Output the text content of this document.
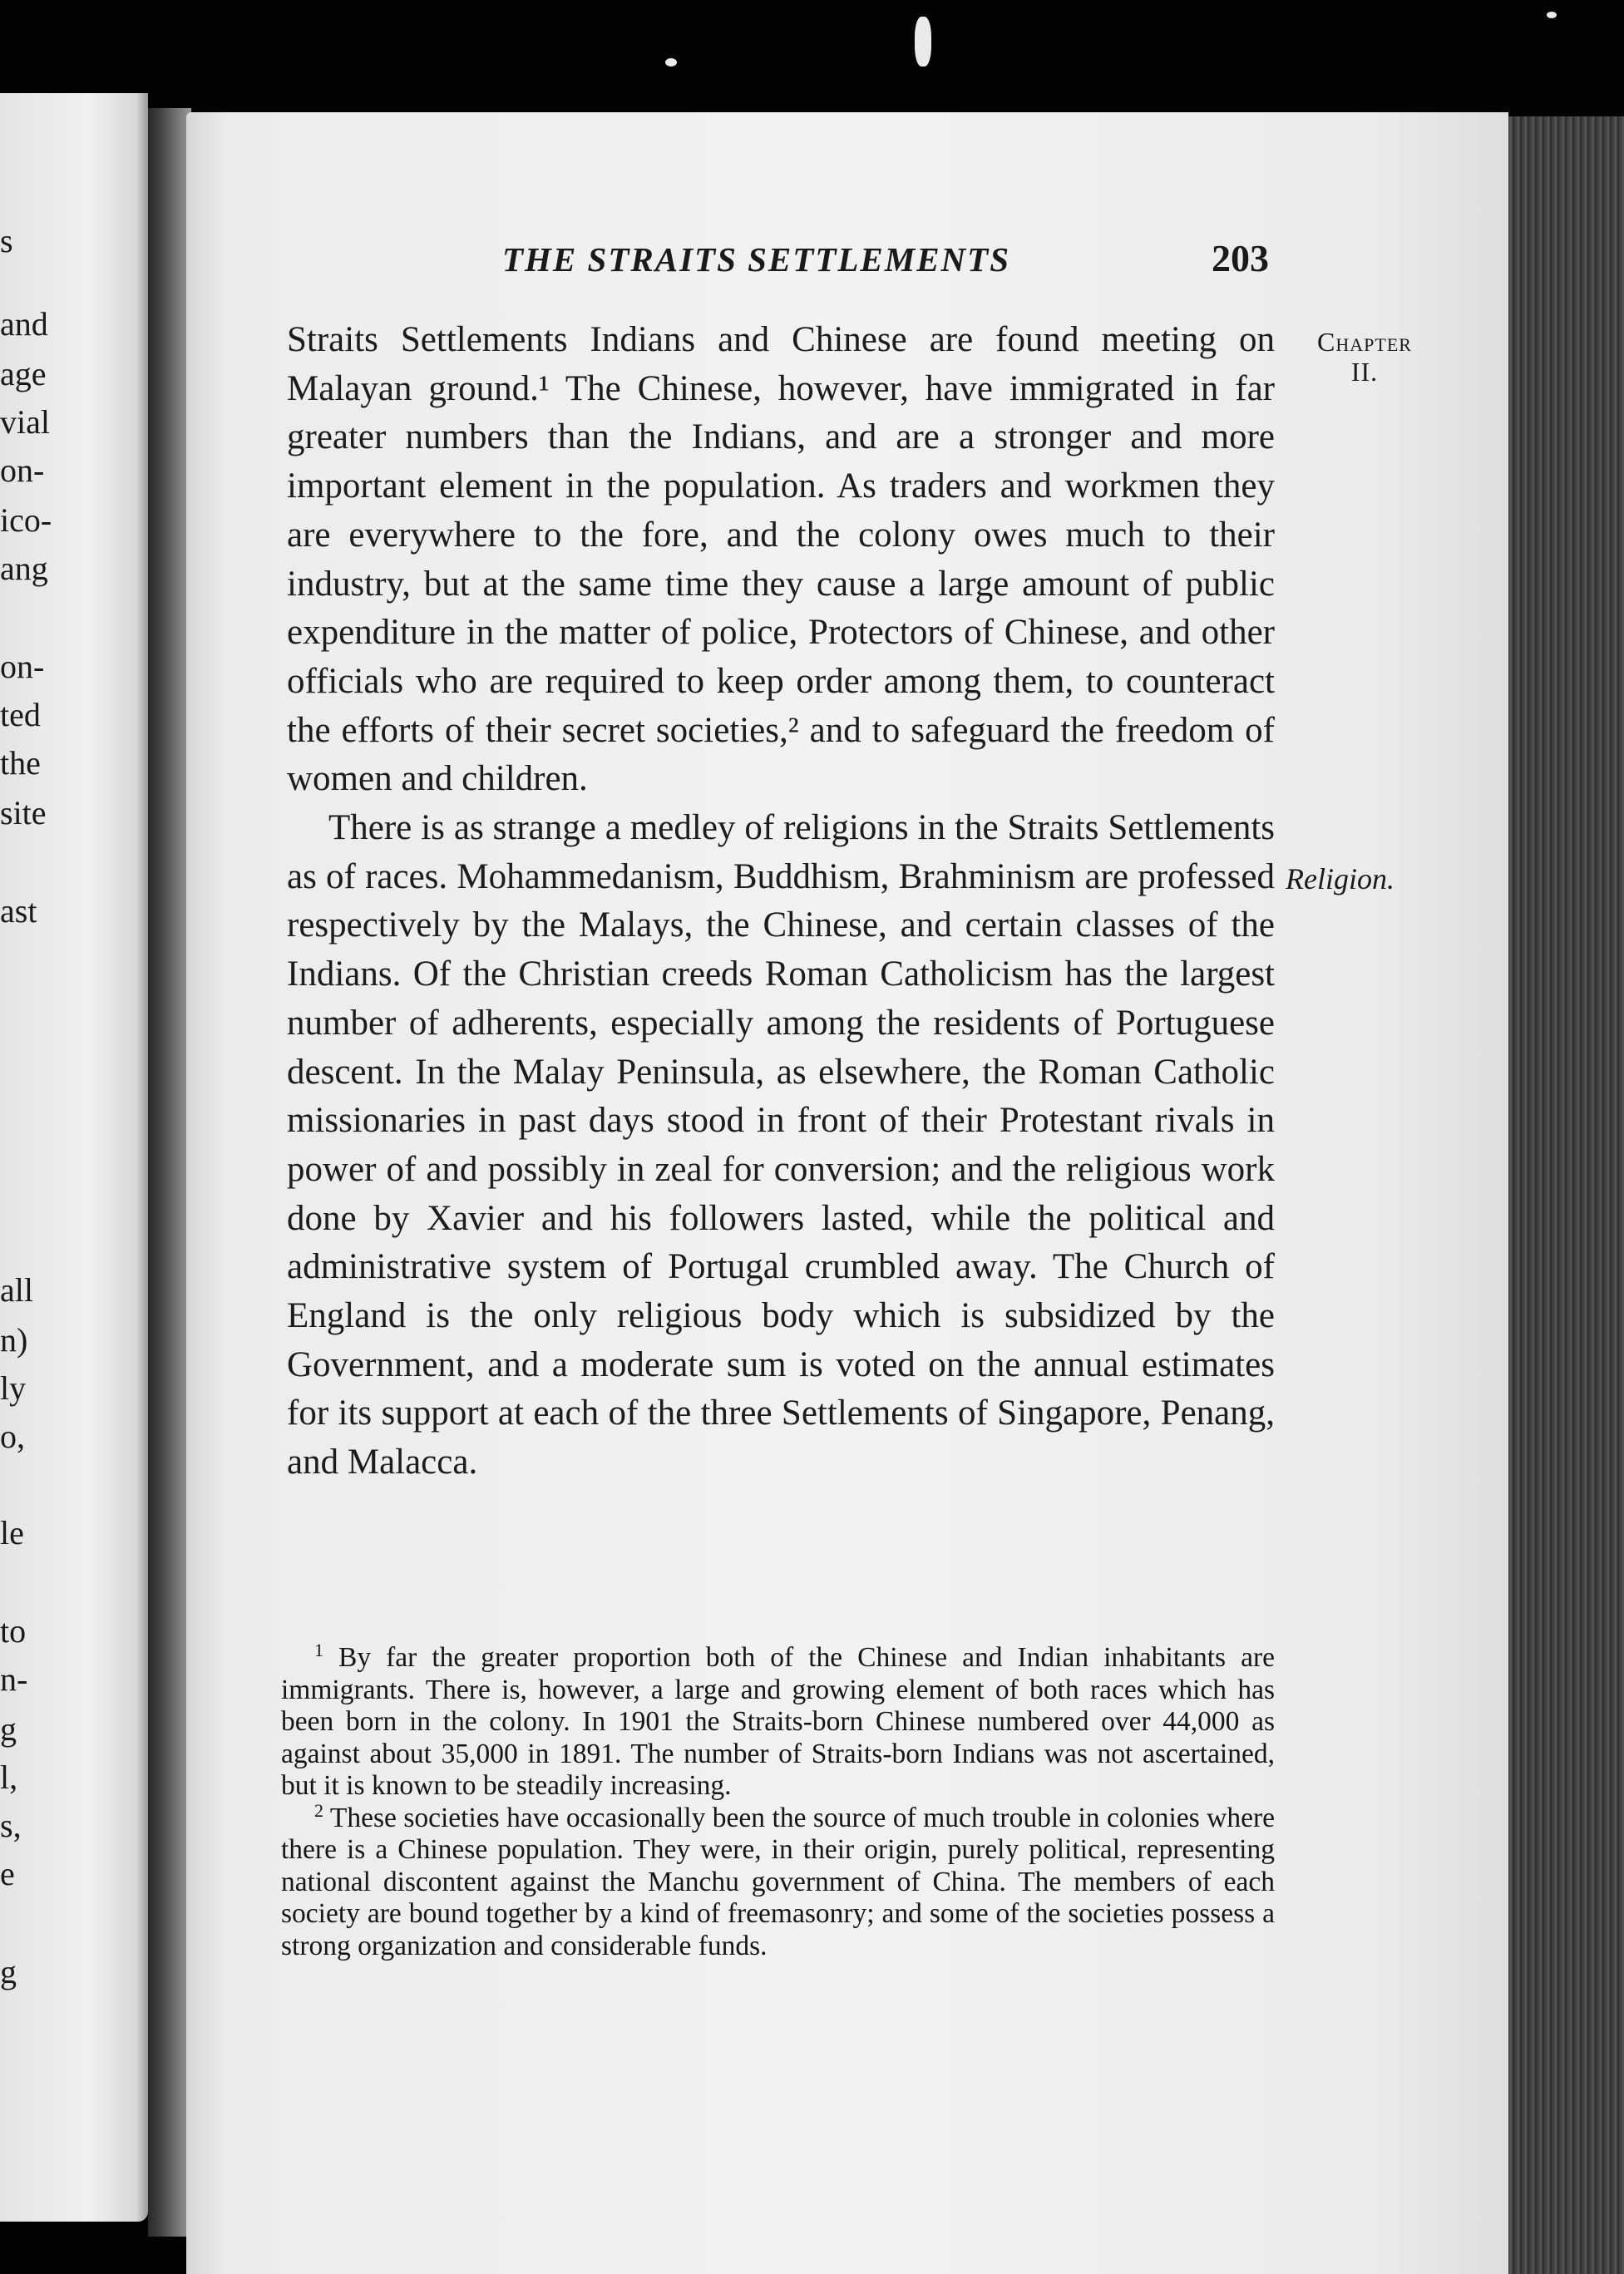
s
and
age
vial
on-
ico-
ang
on-
ted
the
site
ast
all
n)
ly
o,
le
to
n-
g
l,
s,
e
g
THE STRAITS SETTLEMENTS	203
Chapter
II.
Religion.

Straits Settlements Indians and Chinese are found meeting on Malayan ground.¹ The Chinese, however, have immigrated in far greater numbers than the Indians, and are a stronger and more important element in the population. As traders and workmen they are everywhere to the fore, and the colony owes much to their industry, but at the same time they cause a large amount of public expenditure in the matter of police, Protectors of Chinese, and other officials who are required to keep order among them, to counteract the efforts of their secret societies,² and to safeguard the freedom of women and children.

There is as strange a medley of religions in the Straits Settlements as of races. Mohammedanism, Buddhism, Brahminism are professed respectively by the Malays, the Chinese, and certain classes of the Indians. Of the Christian creeds Roman Catholicism has the largest number of adherents, especially among the residents of Portuguese descent. In the Malay Peninsula, as elsewhere, the Roman Catholic missionaries in past days stood in front of their Protestant rivals in power of and possibly in zeal for conversion; and the religious work done by Xavier and his followers lasted, while the political and administrative system of Portugal crumbled away. The Church of England is the only religious body which is subsidized by the Government, and a moderate sum is voted on the annual estimates for its support at each of the three Settlements of Singapore, Penang, and Malacca.

$^1$ By far the greater proportion both of the Chinese and Indian inhabitants are immigrants. There is, however, a large and growing element of both races which has been born in the colony. In 1901 the Straits-born Chinese numbered over 44,000 as against about 35,000 in 1891. The number of Straits-born Indians was not ascertained, but it is known to be steadily increasing.

$^2$ These societies have occasionally been the source of much trouble in colonies where there is a Chinese population. They were, in their origin, purely political, representing national discontent against the Manchu government of China. The members of each society are bound together by a kind of freemasonry; and some of the societies possess a strong organization and considerable funds.
